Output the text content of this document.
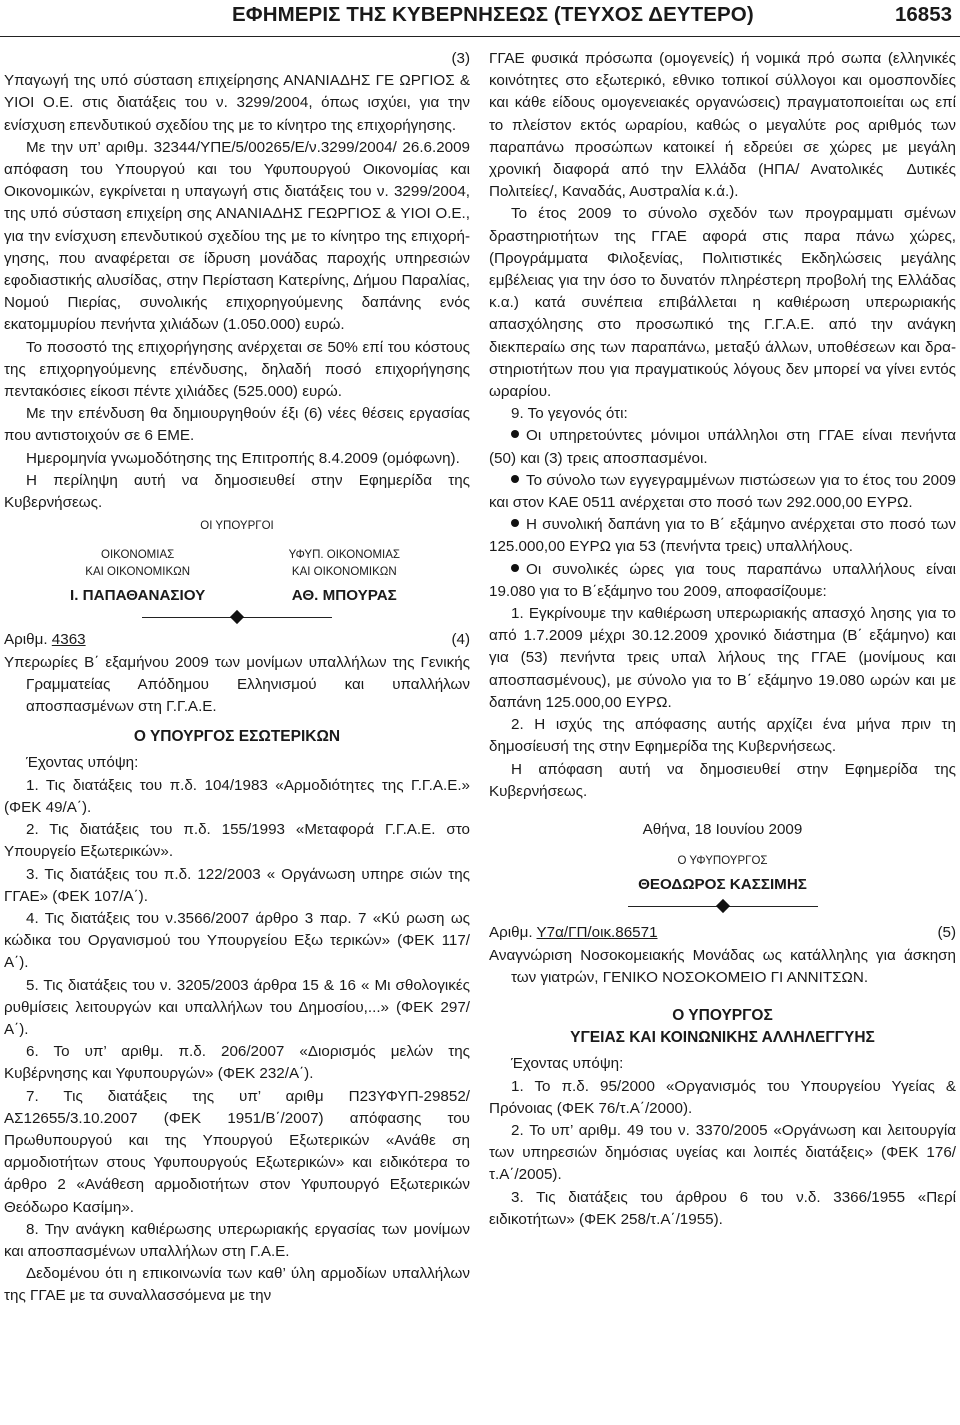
ΕΦΗΜΕΡΙΣ ΤΗΣ ΚΥΒΕΡΝΗΣΕΩΣ (ΤΕΥΧΟΣ ΔΕΥΤΕΡΟ)	16853

(3)

Υπαγωγή της υπό σύσταση επιχείρησης ΑΝΑΝΙΑΔΗΣ ΓΕ ΩΡΓΙΟΣ & ΥΙΟΙ Ο.Ε. στις διατάξεις του ν. 3299/2004, όπως ισχύει, για την ενίσχυση επενδυτικού σχεδίου της με το κίνητρο της επιχορήγησης.

Με την υπ’ αριθμ. 32344/ΥΠΕ/5/00265/Ε/ν.3299/2004/ 26.6.2009 απόφαση του Υπουργού και του Υφυπουργού Οικονομίας και Οικονομικών, εγκρίνεται η υπαγωγή στις διατάξεις του ν. 3299/2004, της υπό σύσταση επιχείρη σης ΑΝΑΝΙΑΔΗΣ ΓΕΩΡΓΙΟΣ & ΥΙΟΙ Ο.Ε., για την ενίσχυση επενδυτικού σχεδίου της με το κίνητρο της επιχορή γησης, που αναφέρεται σε ίδρυση μονάδας παροχής υπηρεσιών εφοδιαστικής αλυσίδας, στην Περίσταση Κατερίνης, Δήμου Παραλίας, Νομού Πιερίας, συνολικής επιχορηγούμενης δαπάνης ενός εκατομμυρίου πενήντα χιλιάδων (1.050.000) ευρώ.

Το ποσοστό της επιχορήγησης ανέρχεται σε 50% επί του κόστους της επιχορηγούμενης επένδυσης, δηλαδή ποσό επιχορήγησης πεντακόσιες είκοσι πέντε χιλιάδες (525.000) ευρώ.

Με την επένδυση θα δημιουργηθούν έξι (6) νέες θέσεις εργασίας που αντιστοιχούν σε 6 ΕΜΕ.

Ημερομηνία γνωμοδότησης της Επιτροπής 8.4.2009 (ομόφωνη).

Η περίληψη αυτή να δημοσιευθεί στην Εφημερίδα της Κυβερνήσεως.

ΟΙ ΥΠΟΥΡΓΟΙ

ΟΙΚΟΝΟΜΙΑΣ
ΚΑΙ ΟΙΚΟΝΟΜΙΚΩΝ
Ι. ΠΑΠΑΘΑΝΑΣΙΟΥ
ΥΦΥΠ. ΟΙΚΟΝΟΜΙΑΣ
ΚΑΙ ΟΙΚΟΝΟΜΙΚΩΝ
ΑΘ. ΜΠΟΥΡΑΣ
Αριθμ. 4363	(4)

Υπερωρίες Β΄ εξαμήνου 2009 των μονίμων υπαλλήλων της Γενικής Γραμματείας Απόδημου Ελληνισμού και υπαλλήλων αποσπασμένων στη Γ.Γ.Α.Ε.

Ο ΥΠΟΥΡΓΟΣ ΕΣΩΤΕΡΙΚΩΝ

Έχοντας υπόψη:

1. Τις διατάξεις του π.δ. 104/1983 «Αρμοδιότητες της Γ.Γ.Α.Ε.» (ΦΕΚ 49/Α΄).

2. Τις διατάξεις του π.δ. 155/1993 «Μεταφορά Γ.Γ.Α.Ε. στο Υπουργείο Εξωτερικών».

3. Τις διατάξεις του π.δ. 122/2003 « Οργάνωση υπηρε σιών της ΓΓΑΕ» (ΦΕΚ 107/Α΄).

4. Τις διατάξεις του ν.3566/2007 άρθρο 3 παρ. 7 «Κύ ρωση ως κώδικα του Οργανισμού του Υπουργείου Εξω τερικών» (ΦΕΚ 117/Α΄).

5. Τις διατάξεις του ν. 3205/2003 άρθρα 15 & 16 « Μι σθολογικές ρυθμίσεις λειτουργών και υπαλλήλων του Δημοσίου,...» (ΦΕΚ 297/Α΄).

6. Το υπ’ αριθμ. π.δ. 206/2007 «Διορισμός μελών της Κυβέρνησης και Υφυπουργών» (ΦΕΚ 232/Α΄).

7. Τις διατάξεις της υπ’ αριθμ Π23ΥΦΥΠ-29852/ ΑΣ12655/3.10.2007 (ΦΕΚ 1951/Β΄/2007) απόφασης του Πρωθυπουργού και της Υπουργού Εξωτερικών «Ανάθε ση αρμοδιοτήτων στους Υφυπουργούς Εξωτερικών» και ειδικότερα το άρθρο 2 «Ανάθεση αρμοδιοτήτων στον Υφυπουργό Εξωτερικών Θεόδωρο Κασίμη».

8. Την ανάγκη καθιέρωσης υπερωριακής εργασίας των μονίμων και αποσπασμένων υπαλλήλων στη Γ.Α.Ε.

Δεδομένου ότι η επικοινωνία των καθ’ ύλη αρμοδίων υπαλλήλων της ΓΓΑΕ με τα συναλλασσόμενα με την

ΓΓΑΕ φυσικά πρόσωπα (ομογενείς) ή νομικά πρό σωπα (ελληνικές κοινότητες στο εξωτερικό, εθνικο τοπικοί σύλλογοι και ομοσπονδίες και κάθε είδους ομογενειακές οργανώσεις) πραγματοποιείται ως επί το πλείστον εκτός ωραρίου, καθώς ο μεγαλύτε ρος αριθμός των παραπάνω προσώπων κατοικεί ή εδρεύει σε χώρες με μεγάλη χρονική διαφορά από την Ελλάδα (ΗΠΑ/ Ανατολικές Δυτικές Πολιτείες/, Καναδάς, Αυστραλία κ.ά.).

Το έτος 2009 το σύνολο σχεδόν των προγραμματι σμένων δραστηριοτήτων της ΓΓΑΕ αφορά στις παρα πάνω χώρες, (Προγράμματα Φιλοξενίας, Πολιτιστικές Εκδηλώσεις μεγάλης εμβέλειας για την όσο το δυνατόν πληρέστερη προβολή της Ελλάδας κ.α.) κατά συνέπεια επιβάλλεται η καθιέρωση υπερωριακής απασχόλησης στο προσωπικό της Γ.Γ.Α.Ε. από την ανάγκη διεκπεραίω σης των παραπάνω, μεταξύ άλλων, υποθέσεων και δρα στηριοτήτων που για πραγματικούς λόγους δεν μπορεί να γίνει εντός ωραρίου.

9. Το γεγονός ότι:

Οι υπηρετούντες μόνιμοι υπάλληλοι στη ΓΓΑΕ είναι πενήντα (50) και (3) τρεις αποσπασμένοι.

Το σύνολο των εγγεγραμμένων πιστώσεων για το έτος του 2009 και στον ΚΑΕ 0511 ανέρχεται στο ποσό των 292.000,00 ΕΥΡΩ.

Η συνολική δαπάνη για το Β΄ εξάμηνο ανέρχεται στο ποσό των 125.000,00 ΕΥΡΩ για 53 (πενήντα τρεις) υπαλλήλους.

Οι συνολικές ώρες για τους παραπάνω υπαλλήλους είναι 19.080 για το Β΄εξάμηνο του 2009, αποφασίζουμε:

1. Εγκρίνουμε την καθιέρωση υπερωριακής απασχό λησης για το από 1.7.2009 μέχρι 30.12.2009 χρονικό διάστημα (Β΄ εξάμηνο) και για (53) πενήντα τρεις υπαλ λήλους της ΓΓΑΕ (μονίμους και αποσπασμένους), με σύνολο για το Β΄ εξάμηνο 19.080 ωρών και με δαπάνη 125.000,00 ΕΥΡΩ.

2. Η ισχύς της απόφασης αυτής αρχίζει ένα μήνα πριν τη δημοσίευσή της στην Εφημερίδα της Κυβερνήσεως.

Η απόφαση αυτή να δημοσιευθεί στην Εφημερίδα της Κυβερνήσεως.

Αθήνα, 18 Ιουνίου 2009

Ο ΥΦΥΠΟΥΡΓΟΣ

ΘΕΟΔΩΡΟΣ ΚΑΣΣΙΜΗΣ

Αριθμ. Υ7α/ΓΠ/οικ.86571	(5)

Αναγνώριση Νοσοκομειακής Μονάδας ως κατάλληλης για άσκηση των γιατρών, ΓΕΝΙΚΟ ΝΟΣΟΚΟΜΕΙΟ ΓΙ ΑΝΝΙΤΣΩΝ.

Ο ΥΠΟΥΡΓΟΣ

ΥΓΕΙΑΣ ΚΑΙ ΚΟΙΝΩΝΙΚΗΣ ΑΛΛΗΛΕΓΓΥΗΣ

Έχοντας υπόψη:

1. Το π.δ. 95/2000 «Οργανισμός του Υπουργείου Υγείας & Πρόνοιας (ΦΕΚ 76/τ.Α΄/2000).

2. Το υπ’ αριθμ. 49 του ν. 3370/2005 «Οργάνωση και λειτουργία των υπηρεσιών δημόσιας υγείας και λοιπές διατάξεις» (ΦΕΚ 176/τ.Α΄/2005).

3. Τις διατάξεις του άρθρου 6 του ν.δ. 3366/1955 «Περί ειδικοτήτων» (ΦΕΚ 258/τ.Α΄/1955).
